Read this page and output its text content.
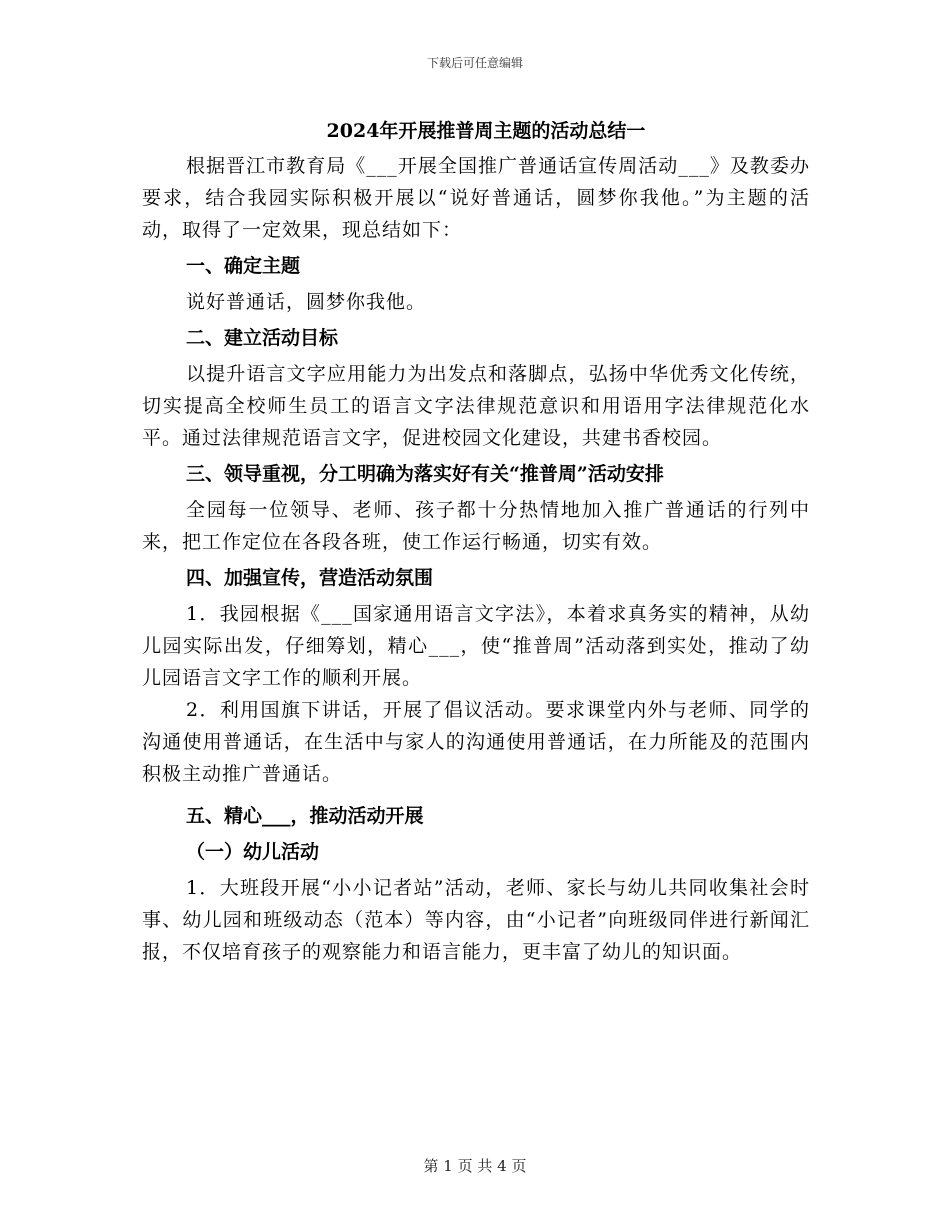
下载后可任意编辑
2024年开展推普周主题的活动总结一

根据晋江市教育局《___开展全国推广普通话宣传周活动___》及教委办要求，结合我园实际积极开展以“说好普通话，圆梦你我他。”为主题的活动，取得了一定效果，现总结如下：

一、确定主题

说好普通话，圆梦你我他。

二、建立活动目标

以提升语言文字应用能力为出发点和落脚点，弘扬中华优秀文化传统，切实提高全校师生员工的语言文字法律规范意识和用语用字法律规范化水平。通过法律规范语言文字，促进校园文化建设，共建书香校园。

三、领导重视，分工明确为落实好有关“推普周”活动安排

全园每一位领导、老师、孩子都十分热情地加入推广普通话的行列中来，把工作定位在各段各班，使工作运行畅通，切实有效。

四、加强宣传，营造活动氛围

1．我园根据《___国家通用语言文字法》，本着求真务实的精神，从幼儿园实际出发，仔细筹划，精心___，使“推普周”活动落到实处，推动了幼儿园语言文字工作的顺利开展。

2．利用国旗下讲话，开展了倡议活动。要求课堂内外与老师、同学的沟通使用普通话，在生活中与家人的沟通使用普通话，在力所能及的范围内积极主动推广普通话。

五、精心___，推动活动开展
（一）幼儿活动

1．大班段开展“小小记者站”活动，老师、家长与幼儿共同收集社会时事、幼儿园和班级动态（范本）等内容，由“小记者”向班级同伴进行新闻汇报，不仅培育孩子的观察能力和语言能力，更丰富了幼儿的知识面。

第 1 页 共 4 页
